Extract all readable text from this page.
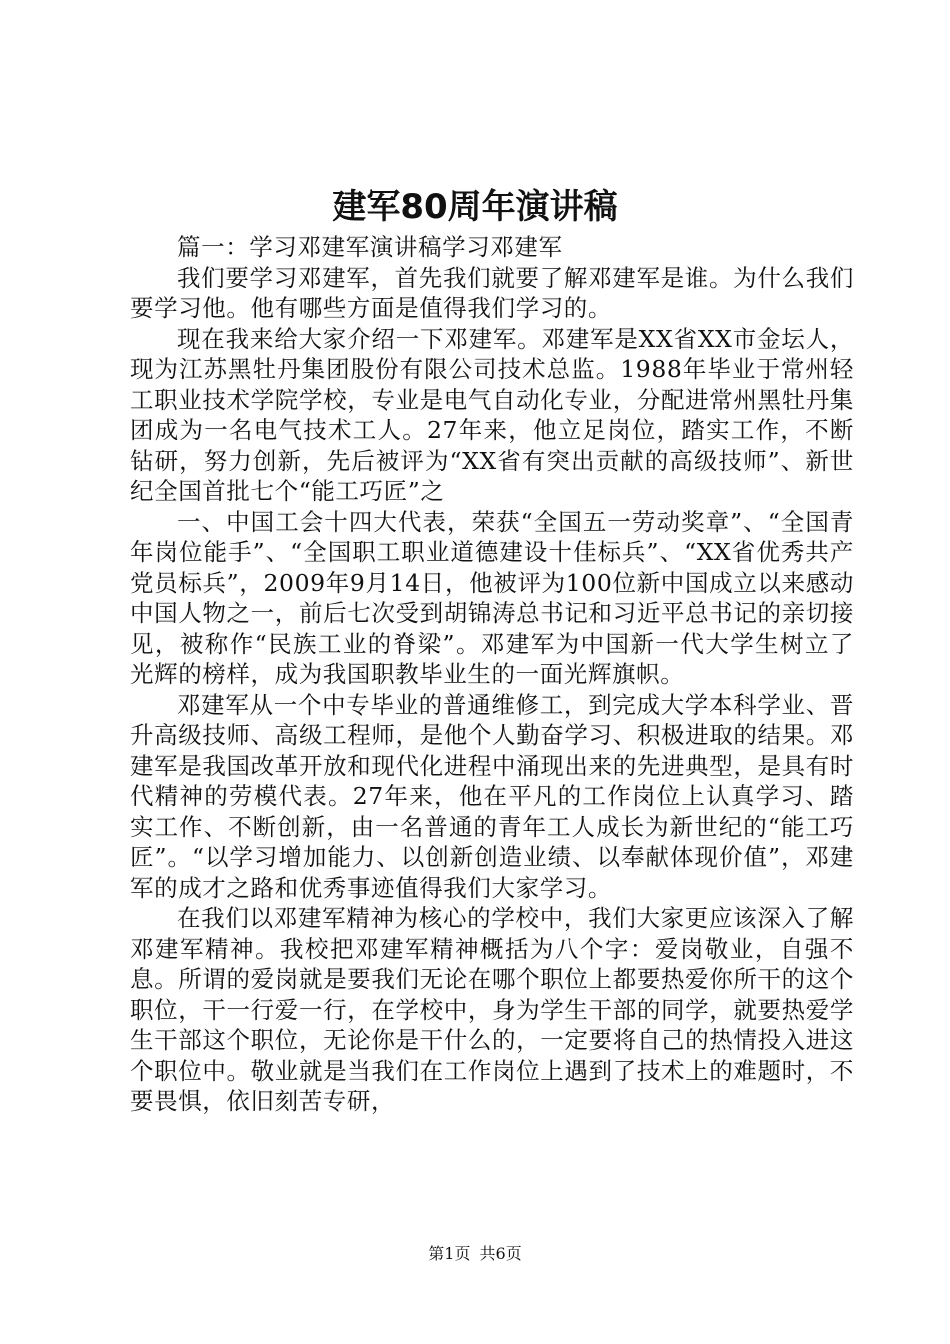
建军80周年演讲稿

篇一：学习邓建军演讲稿学习邓建军

我们要学习邓建军，首先我们就要了解邓建军是谁。为什么我们要学习他。他有哪些方面是值得我们学习的。

现在我来给大家介绍一下邓建军。邓建军是XX省XX市金坛人，现为江苏黑牡丹集团股份有限公司技术总监。1988年毕业于常州轻工职业技术学院学校，专业是电气自动化专业，分配进常州黑牡丹集团成为一名电气技术工人。27年来，他立足岗位，踏实工作，不断钻研，努力创新，先后被评为“XX省有突出贡献的高级技师”、新世纪全国首批七个“能工巧匠”之

一、中国工会十四大代表，荣获“全国五一劳动奖章”、“全国青年岗位能手”、“全国职工职业道德建设十佳标兵”、“XX省优秀共产党员标兵”，2009年9月14日，他被评为100位新中国成立以来感动中国人物之一，前后七次受到胡锦涛总书记和习近平总书记的亲切接见，被称作“民族工业的脊梁”。邓建军为中国新一代大学生树立了光辉的榜样，成为我国职教毕业生的一面光辉旗帜。

邓建军从一个中专毕业的普通维修工，到完成大学本科学业、晋升高级技师、高级工程师，是他个人勤奋学习、积极进取的结果。邓建军是我国改革开放和现代化进程中涌现出来的先进典型，是具有时代精神的劳模代表。27年来，他在平凡的工作岗位上认真学习、踏实工作、不断创新，由一名普通的青年工人成长为新世纪的“能工巧匠”。“以学习增加能力、以创新创造业绩、以奉献体现价值”，邓建军的成才之路和优秀事迹值得我们大家学习。

在我们以邓建军精神为核心的学校中，我们大家更应该深入了解邓建军精神。我校把邓建军精神概括为八个字：爱岗敬业，自强不息。所谓的爱岗就是要我们无论在哪个职位上都要热爱你所干的这个职位，干一行爱一行，在学校中，身为学生干部的同学，就要热爱学生干部这个职位，无论你是干什么的，一定要将自己的热情投入进这个职位中。敬业就是当我们在工作岗位上遇到了技术上的难题时，不要畏惧，依旧刻苦专研，

第1页 共6页
